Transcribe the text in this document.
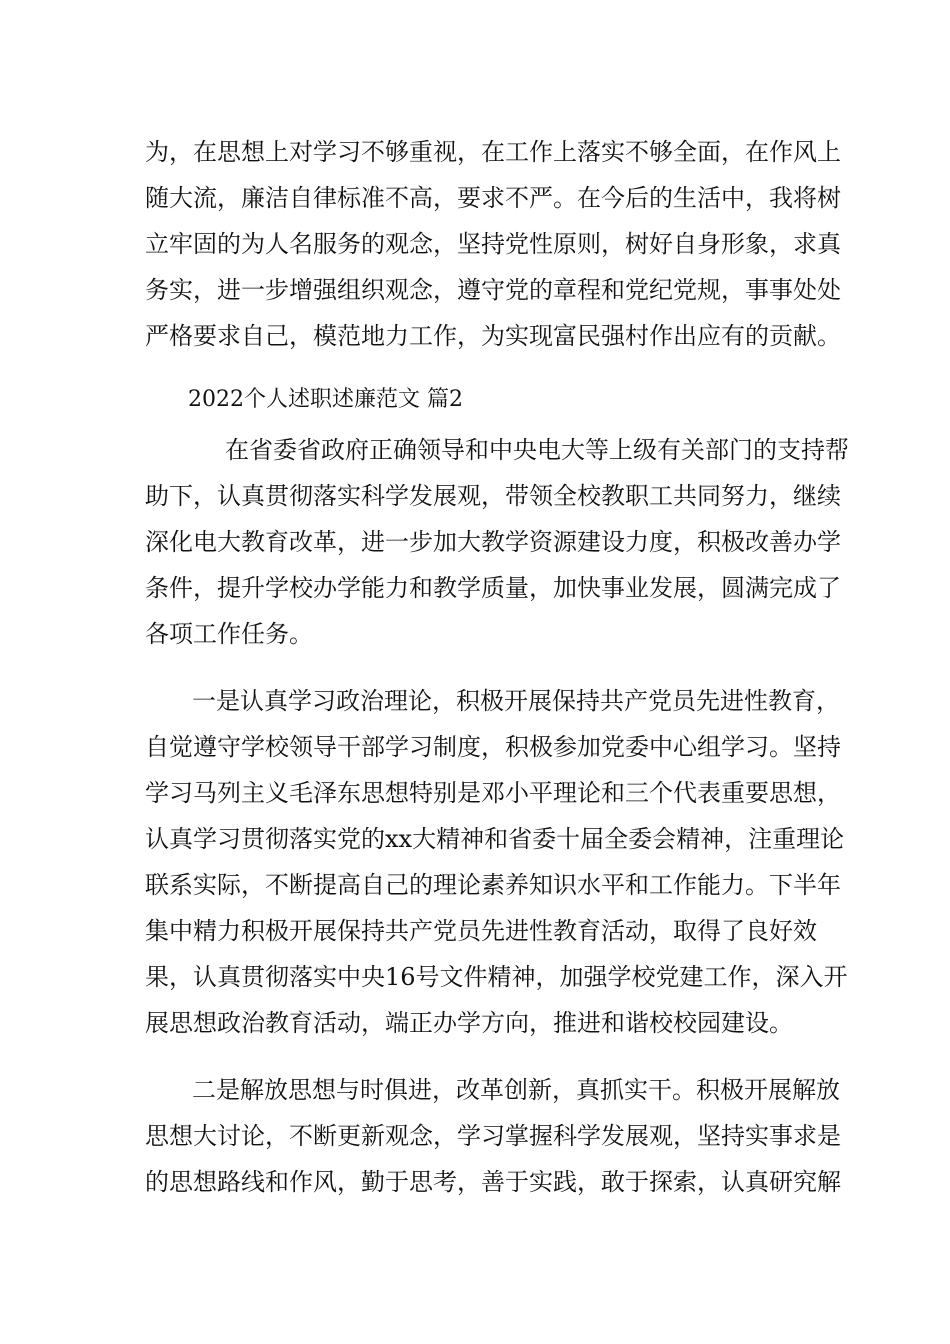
为，在思想上对学习不够重视，在工作上落实不够全面，在作风上
随大流，廉洁自律标准不高，要求不严。在今后的生活中，我将树
立牢固的为人名服务的观念，坚持党性原则，树好自身形象，求真
务实，进一步增强组织观念，遵守党的章程和党纪党规，事事处处
严格要求自己，模范地力工作，为实现富民强村作出应有的贡献。
2022个人述职述廉范文 篇2
在省委省政府正确领导和中央电大等上级有关部门的支持帮
助下，认真贯彻落实科学发展观，带领全校教职工共同努力，继续
深化电大教育改革，进一步加大教学资源建设力度，积极改善办学
条件，提升学校办学能力和教学质量，加快事业发展，圆满完成了
各项工作任务。
一是认真学习政治理论，积极开展保持共产党员先进性教育，
自觉遵守学校领导干部学习制度，积极参加党委中心组学习。坚持
学习马列主义毛泽东思想特别是邓小平理论和三个代表重要思想，
认真学习贯彻落实党的xx大精神和省委十届全委会精神，注重理论
联系实际，不断提高自己的理论素养知识水平和工作能力。下半年
集中精力积极开展保持共产党员先进性教育活动，取得了良好效
果，认真贯彻落实中央16号文件精神，加强学校党建工作，深入开
展思想政治教育活动，端正办学方向，推进和谐校校园建设。
二是解放思想与时俱进，改革创新，真抓实干。积极开展解放
思想大讨论，不断更新观念，学习掌握科学发展观，坚持实事求是
的思想路线和作风，勤于思考，善于实践，敢于探索，认真研究解
